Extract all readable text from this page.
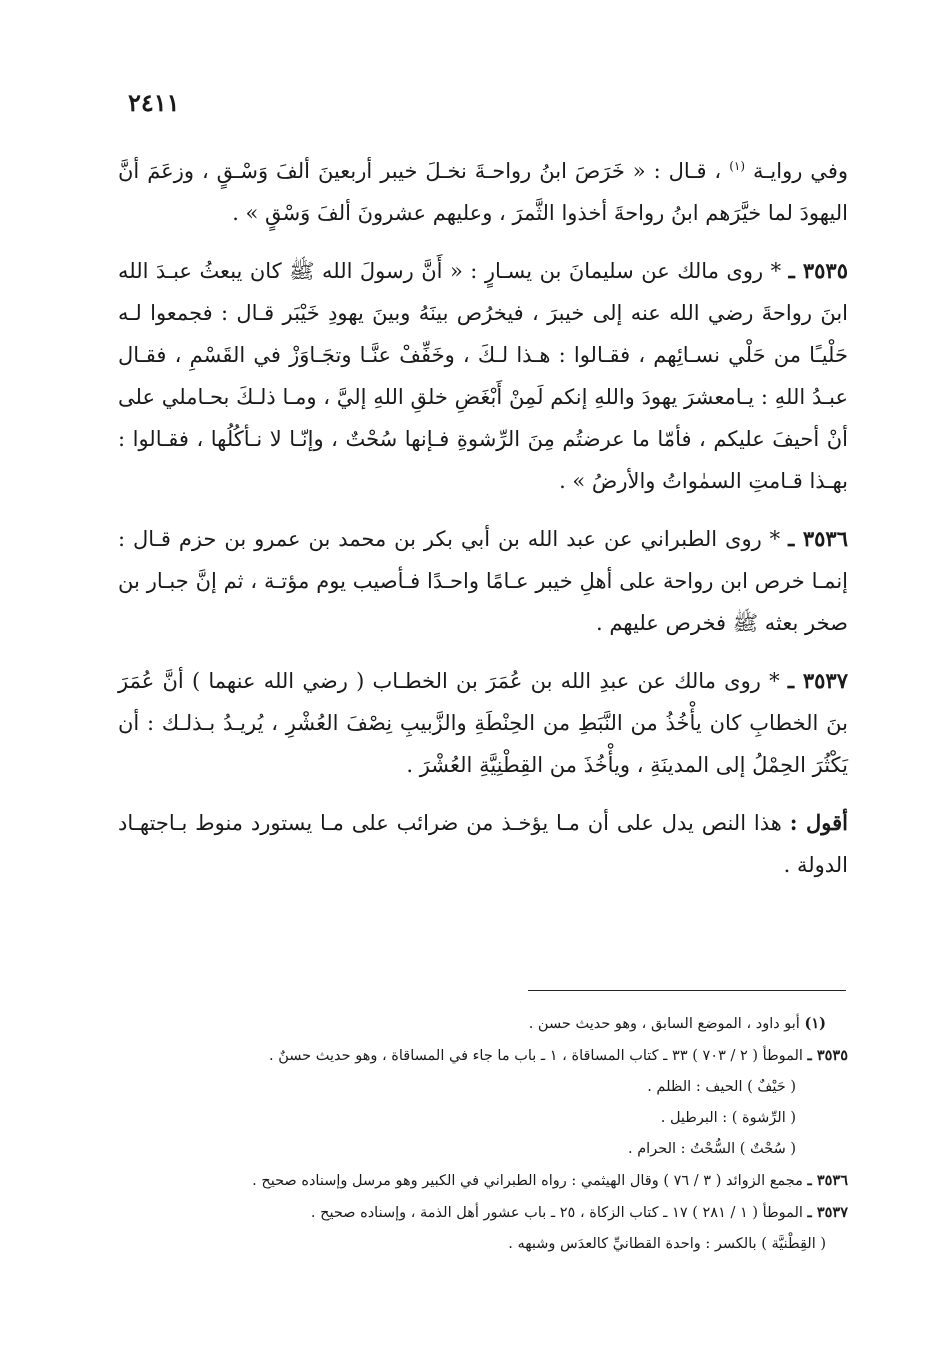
٢٤١١

وفي روايـة $^{(١)}$ ، قـال : « خَرَصَ ابنُ رواحـةَ نخـلَ خيبر أربعينَ ألفَ وَسْـقٍ ، وزعَمَ أنَّ اليهودَ لما خيَّرَهم ابنُ رواحةَ أخذوا الثَّمرَ ، وعليهم عشرونَ ألفَ وَسْقٍ » .

٣٥٣٥ ـ * روى مالك عن سليمانَ بن يسـارٍ : « أَنَّ رسولَ الله ﷺ كان يبعثُ عبـدَ الله ابنَ رواحةَ رضي الله عنه إلى خيبرَ ، فيخرُص بينَهُ وبينَ يهودِ خَيْبَر قـال : فجمعوا لـه حَلْيـًا من حَلْي نسـائِهم ، فقـالوا : هـذا لـكَ ، وخَفِّفْ عنَّـا وتجَـاوَزْ في القَسْمِ ، فقـال عبـدُ اللهِ : يـامعشرَ يهودَ واللهِ إنكم لَمِنْ أَبْغَضِ خلقِ اللهِ إليَّ ، ومـا ذلـكَ بحـاملي على أنْ أحيفَ عليكم ، فأمّا ما عرضتُم مِنَ الرِّشوةِ فـإنها سُحْتٌ ، وإنّـا لا نـأكُلُها ، فقـالوا : بهـذا قـامتِ السمٰواتُ والأرضُ » .

٣٥٣٦ ـ * روى الطبراني عن عبد الله بن أبي بكر بن محمد بن عمرو بن حزم قـال : إنمـا خرص ابن رواحة على أهلِ خيبر عـامًا واحـدًا فـأصيب يوم مؤتـة ، ثم إنَّ جبـار بن صخر بعثه ﷺ فخرص عليهم .

٣٥٣٧ ـ * روى مالك عن عبدِ الله بن عُمَرَ بن الخطـاب ( رضي الله عنهما ) أنَّ عُمَرَ بنَ الخطابِ كان يأْخُذُ من النَّبَطِ من الحِنْطَةِ والزَّبيبِ نِصْفَ العُشْرِ ، يُريـدُ بـذلـك : أن يَكْثُرَ الحِمْلُ إلى المدينَةِ ، ويأْخُذَ من القِطْنِيَّةِ العُشْرَ .

أقول : هذا النص يدل على أن مـا يؤخـذ من ضرائب على مـا يستورد منوط بـاجتهـاد الدولة .

(١) أبو داود ، الموضع السابق ، وهو حديث حسن .

٣٥٣٥ ـ الموطأ ( ٢ / ٧٠٣ ) ٣٣ ـ كتاب المساقاة ، ١ ـ باب ما جاء في المساقاة ، وهو حديث حسنٌ .

( حَيْفٌ ) الحيف : الظلم .

( الرِّشوة ) : البرطيل .

( سُحْتٌ ) السُّحْتُ : الحرام .

٣٥٣٦ ـ مجمع الزوائد ( ٣ / ٧٦ ) وقال الهيثمي : رواه الطبراني في الكبير وهو مرسل وإسناده صحيح .

٣٥٣٧ ـ الموطأ ( ١ / ٢٨١ ) ١٧ ـ كتاب الزكاة ، ٢٥ ـ باب عشور أهل الذمة ، وإسناده صحيح .

( القِطْنيَّة ) بالكسر : واحدة القطانيِّ كالعدَس وشبهه .
